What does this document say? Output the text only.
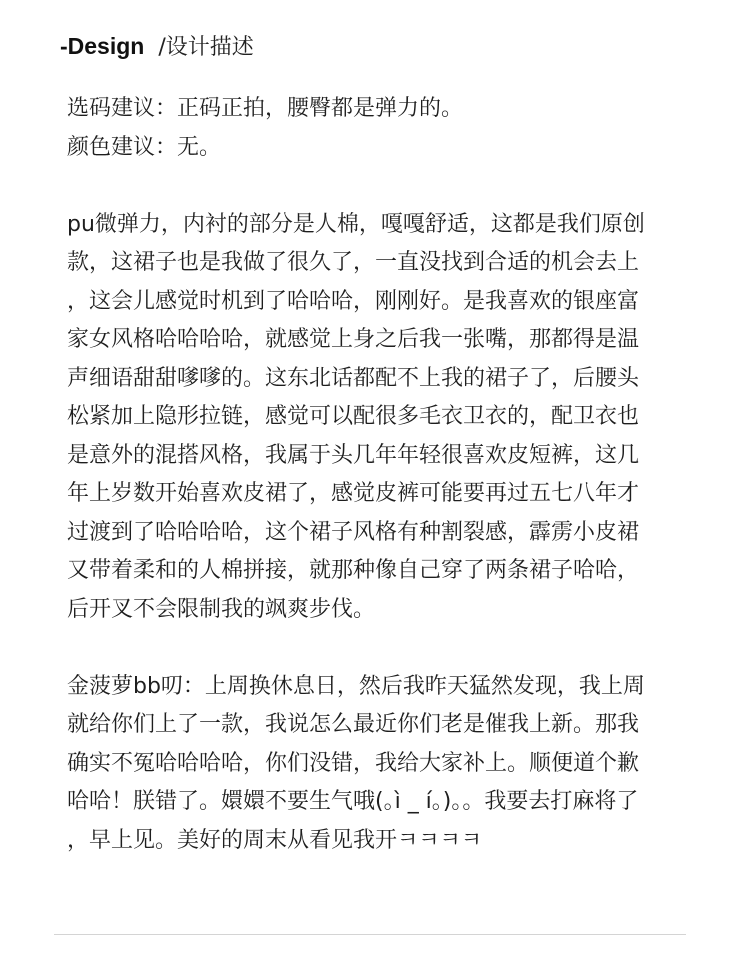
-Design /设计描述
选码建议：正码正拍，腰臀都是弹力的。
颜色建议：无。
pu微弹力，内衬的部分是人棉，嘎嘎舒适，这都是我们原创
款，这裙子也是我做了很久了，一直没找到合适的机会去上
，这会儿感觉时机到了哈哈哈，刚刚好。是我喜欢的银座富
家女风格哈哈哈哈，就感觉上身之后我一张嘴，那都得是温
声细语甜甜嗲嗲的。这东北话都配不上我的裙子了，后腰头
松紧加上隐形拉链，感觉可以配很多毛衣卫衣的，配卫衣也
是意外的混搭风格，我属于头几年年轻很喜欢皮短裤，这几
年上岁数开始喜欢皮裙了，感觉皮裤可能要再过五七八年才
过渡到了哈哈哈哈，这个裙子风格有种割裂感，霹雳小皮裙
又带着柔和的人棉拼接，就那种像自己穿了两条裙子哈哈，
后开叉不会限制我的飒爽步伐。
金菠萝bb叨：上周换休息日，然后我昨天猛然发现，我上周
就给你们上了一款，我说怎么最近你们老是催我上新。那我
确实不冤哈哈哈哈，你们没错，我给大家补上。顺便道个歉
哈哈！朕错了。嬛嬛不要生气哦(｡ì _ í｡)。。我要去打麻将了
，早上见。美好的周末从看见我开ㅋㅋㅋㅋ
